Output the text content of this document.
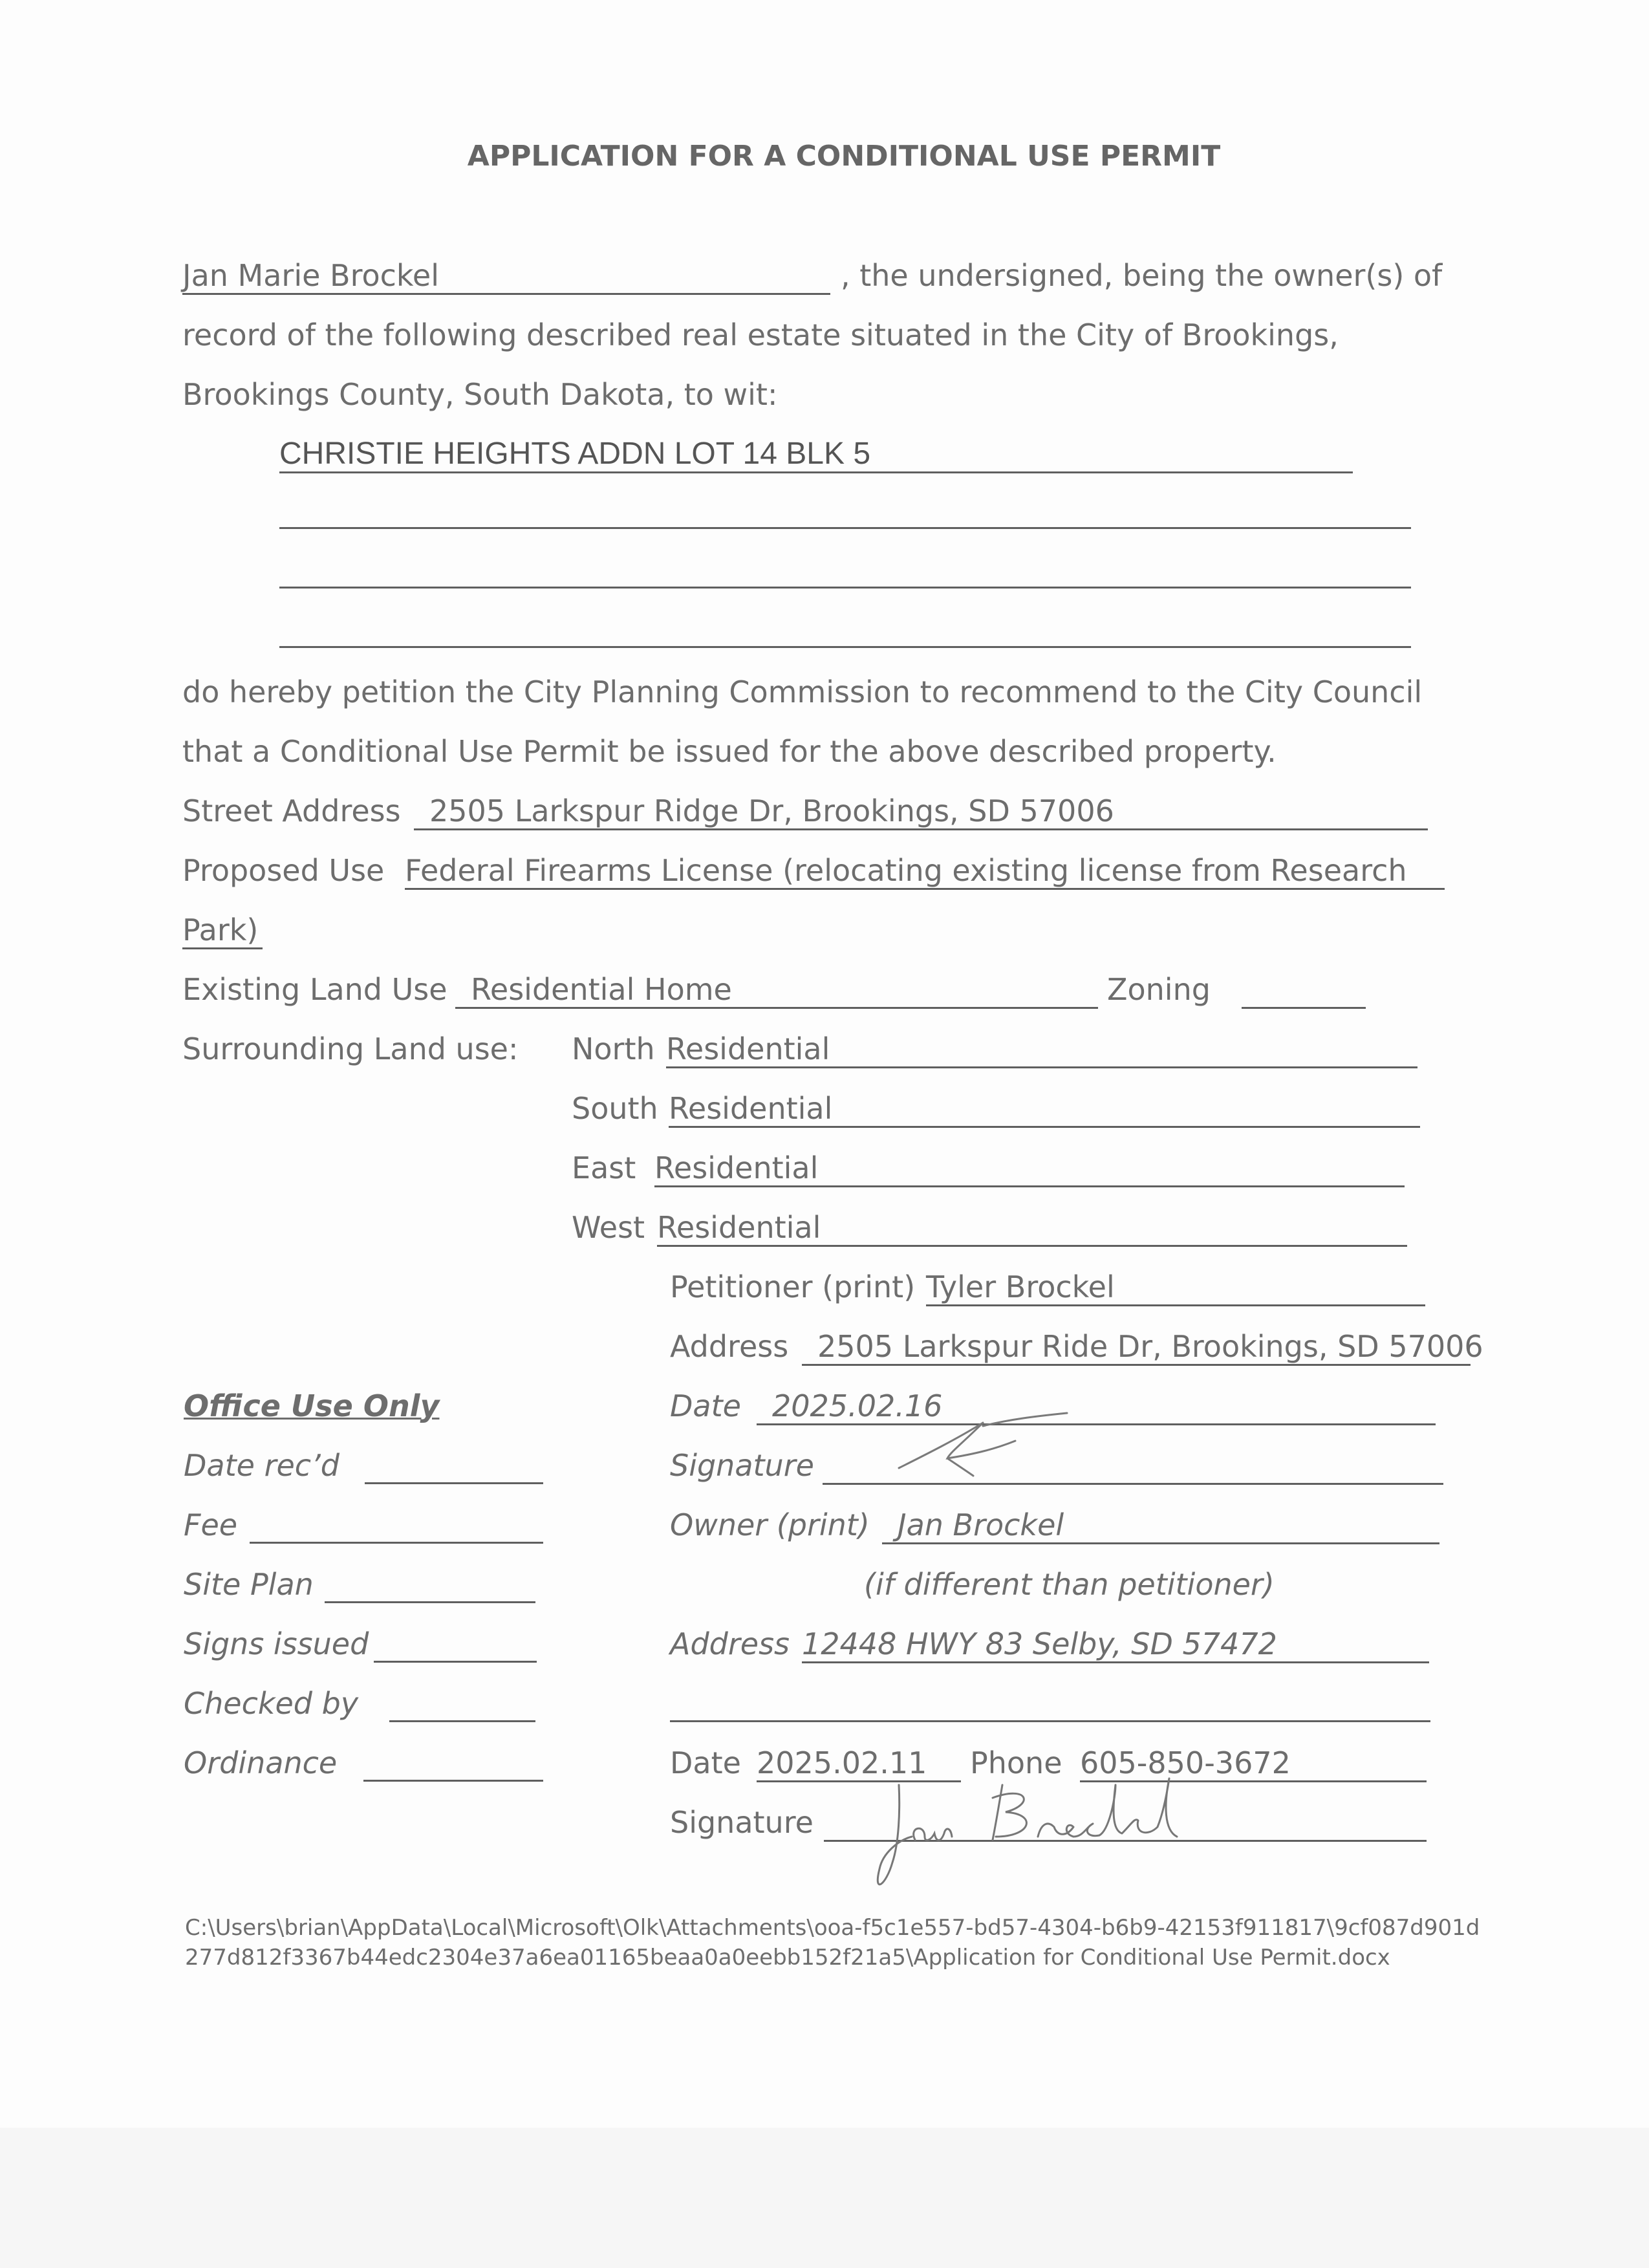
APPLICATION FOR A CONDITIONAL USE PERMIT
Jan Marie Brockel	, the undersigned, being the owner(s) of
record of the following described real estate situated in the City of Brookings,
Brookings County, South Dakota, to wit:
CHRISTIE HEIGHTS ADDN LOT 14 BLK 5
do hereby petition the City Planning Commission to recommend to the City Council
that a Conditional Use Permit be issued for the above described property.
Street Address 2505 Larkspur Ridge Dr, Brookings, SD 57006
Proposed Use Federal Firearms License (relocating existing license from Research
Park)
Existing Land Use Residential Home	Zoning
Surrounding Land use: North Residential
South Residential
East Residential
West Residential
Petitioner (print) Tyler Brockel
Address 2505 Larkspur Ride Dr, Brookings, SD 57006
Date	2025.02.16
Signature
Owner (print) Jan Brockel
(if different than petitioner)
Address 12448 HWY 83 Selby, SD 57472
Date 2025.02.11	Phone 605-850-3672
Signature
Office Use Only
Date rec’d
Fee
Site Plan
Signs issued
Checked by
Ordinance
C:\Users\brian\AppData\Local\Microsoft\Olk\Attachments\ooa-f5c1e557-bd57-4304-b6b9-42153f911817\9cf087d901d277d812f3367b44edc2304e37a6ea01165beaa0a0eebb152f21a5\Application for Conditional Use Permit.docx
